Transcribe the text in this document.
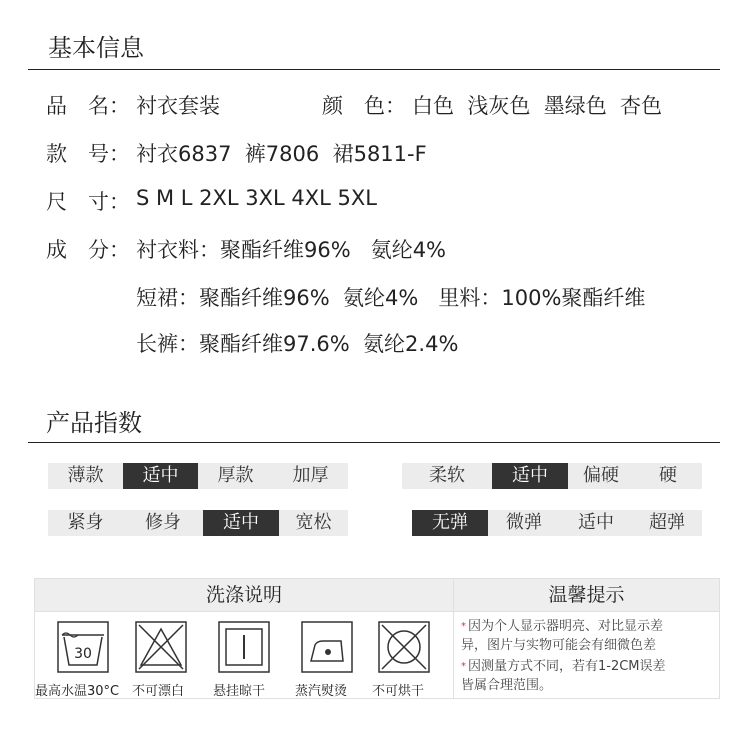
基本信息
品　名： 衬衣套装	颜　色： 白色  浅灰色  墨绿色  杏色
款　号： 衬衣6837  裤7806  裙5811-F
尺　寸： S M L 2XL 3XL 4XL 5XL
成　分： 衬衣料：聚酯纤维96%   氨纶4%
短裙：聚酯纤维96%  氨纶4%   里料：100%聚酯纤维
长裤：聚酯纤维97.6%  氨纶2.4%
产品指数
薄款	适中	厚款	加厚	柔软	适中	偏硬	硬
紧身	修身	适中	宽松	无弹	微弹	适中	超弹
洗涤说明	温馨提示
30
最高水温30°C 不可漂白 悬挂晾干 蒸汽熨烫 不可烘干
* 因为个人显示器明亮、对比显示差
异，图片与实物可能会有细微色差
* 因测量方式不同，若有1-2CM误差
皆属合理范围。
